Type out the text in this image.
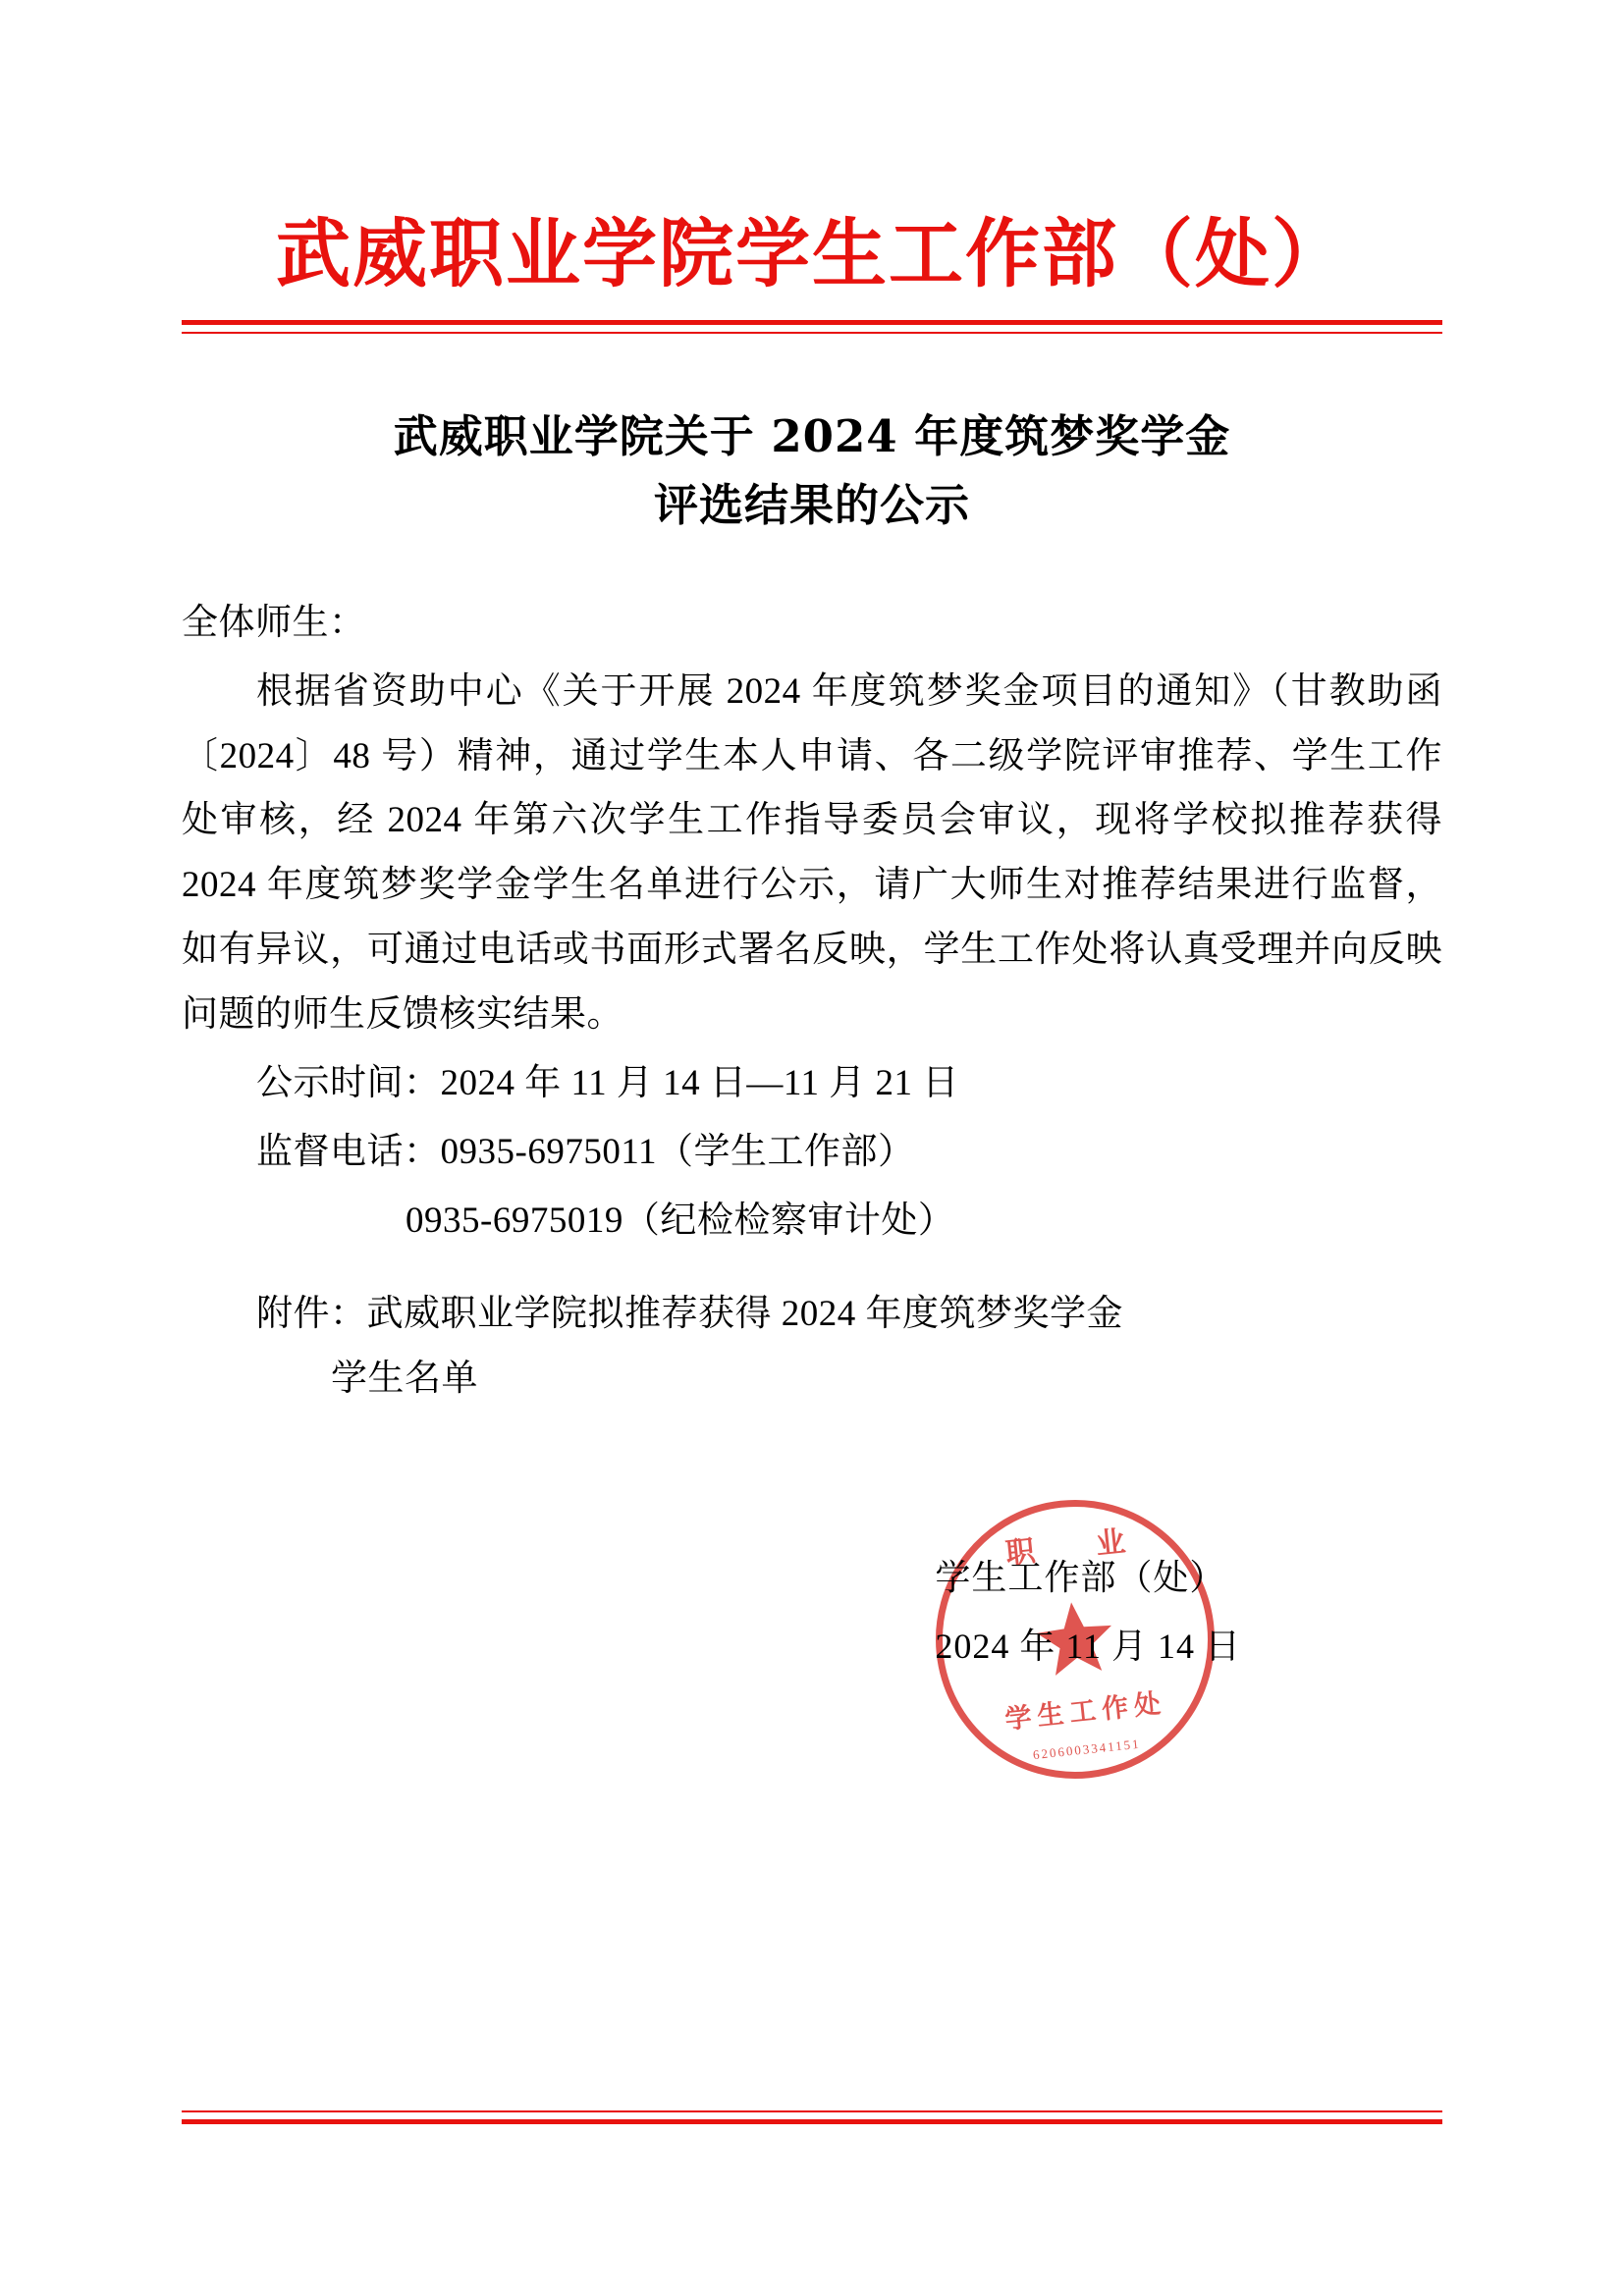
武威职业学院学生工作部（处）
武威职业学院关于 2024 年度筑梦奖学金
评选结果的公示
全体师生：
根据省资助中心《关于开展 2024 年度筑梦奖金项目的通知》（甘教助函〔2024〕48 号）精神，通过学生本人申请、各二级学院评审推荐、学生工作处审核，经 2024 年第六次学生工作指导委员会审议，现将学校拟推荐获得 2024 年度筑梦奖学金学生名单进行公示，请广大师生对推荐结果进行监督，如有异议，可通过电话或书面形式署名反映，学生工作处将认真受理并向反映问题的师生反馈核实结果。
公示时间：2024 年 11 月 14 日—11 月 21 日
监督电话：0935-6975011（学生工作部）
0935-6975019（纪检检察审计处）
附件：武威职业学院拟推荐获得 2024 年度筑梦奖学金
学生名单
职 业
学生工作处
6206003341151
学生工作部（处）
2024 年 11 月 14 日
